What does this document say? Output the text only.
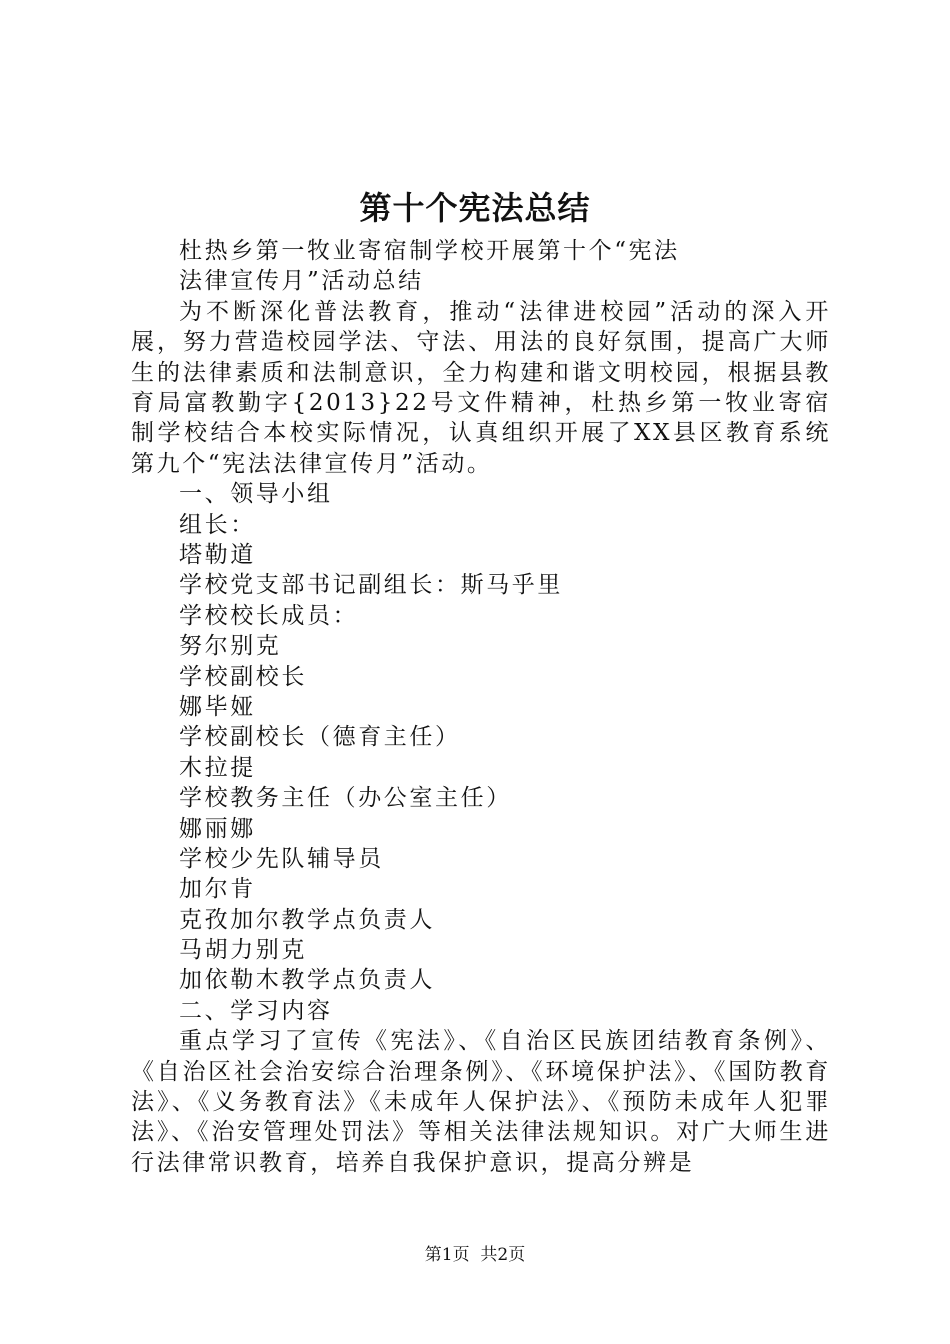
第十个宪法总结
杜热乡第一牧业寄宿制学校开展第十个“宪法
法律宣传月”活动总结
为不断深化普法教育，推动“法律进校园”活动的深入开展，努力营造校园学法、守法、用法的良好氛围，提高广大师生的法律素质和法制意识，全力构建和谐文明校园，根据县教育局富教勤字{2013}22号文件精神，杜热乡第一牧业寄宿制学校结合本校实际情况，认真组织开展了XX县区教育系统第九个“宪法法律宣传月”活动。
一、领导小组
组长：
塔勒道
学校党支部书记副组长：斯马乎里
学校校长成员：
努尔别克
学校副校长
娜毕娅
学校副校长（德育主任）
木拉提
学校教务主任（办公室主任）
娜丽娜
学校少先队辅导员
加尔肯
克孜加尔教学点负责人
马胡力别克
加依勒木教学点负责人
二、学习内容
重点学习了宣传《宪法》、《自治区民族团结教育条例》、《自治区社会治安综合治理条例》、《环境保护法》、《国防教育法》、《义务教育法》《未成年人保护法》、《预防未成年人犯罪法》、《治安管理处罚法》等相关法律法规知识。对广大师生进行法律常识教育，培养自我保护意识，提高分辨是
第1页 共2页
